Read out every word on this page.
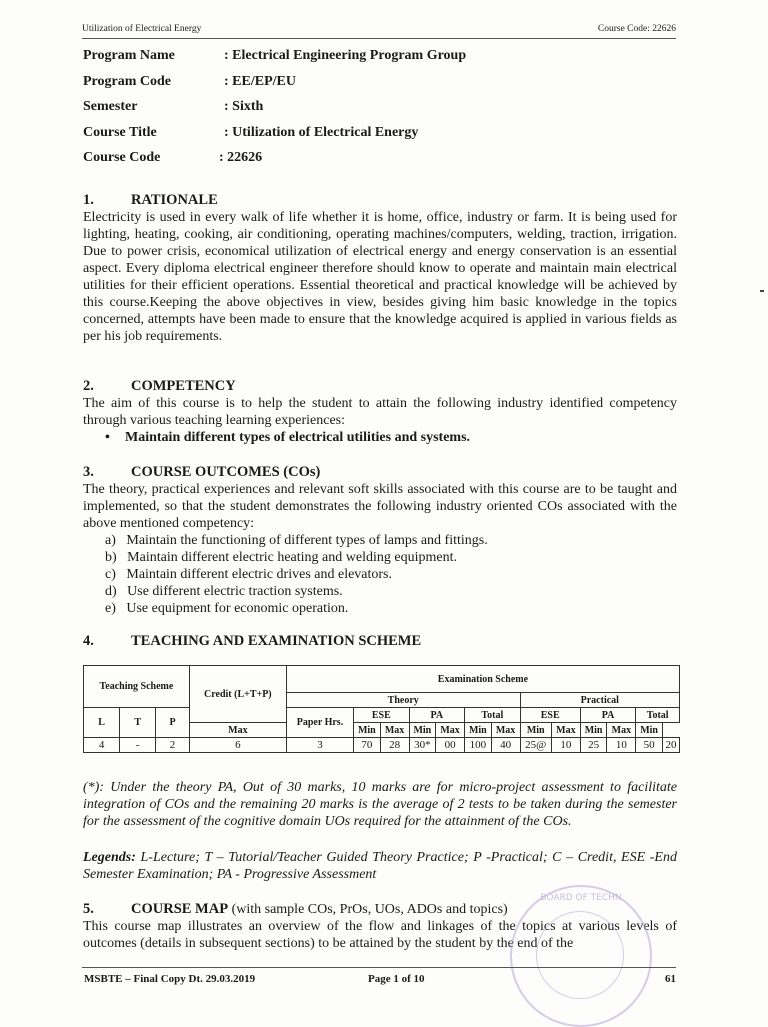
Utilization of Electrical Energy	Course Code: 22626
Program Name	: Electrical Engineering Program Group
Program Code	: EE/EP/EU
Semester	: Sixth
Course Title	: Utilization of Electrical Energy
Course Code	: 22626
1.	RATIONALE
Electricity is used in every walk of life whether it is home, office, industry or farm. It is being used for lighting, heating, cooking, air conditioning, operating machines/computers, welding, traction, irrigation. Due to power crisis, economical utilization of electrical energy and energy conservation is an essential aspect. Every diploma electrical engineer therefore should know to operate and maintain main electrical utilities for their efficient operations. Essential theoretical and practical knowledge will be achieved by this course.Keeping the above objectives in view, besides giving him basic knowledge in the topics concerned, attempts have been made to ensure that the knowledge acquired is applied in various fields as per his job requirements.
2.	COMPETENCY
The aim of this course is to help the student to attain the following industry identified competency through various teaching learning experiences:
• Maintain different types of electrical utilities and systems.
3.	COURSE OUTCOMES (COs)
The theory, practical experiences and relevant soft skills associated with this course are to be taught and implemented, so that the student demonstrates the following industry oriented COs associated with the above mentioned competency:
a)   Maintain the functioning of different types of lamps and fittings.
b)   Maintain different electric heating and welding equipment.
c)   Maintain different electric drives and elevators.
d)   Use different electric traction systems.
e)   Use equipment for economic operation.
4.	TEACHING AND EXAMINATION SCHEME
Teaching Scheme			Credit (L+T+P)	Examination Scheme												
				Theory							Practical					
L	T	P		Paper Hrs.	ESE		PA		Total		ESE		PA		Total	
			Max		Min	Max	Min	Max	Min	Max	Min	Max	Min	Max	Min	
4	-	2	6	3	70	28	30*	00	100	40	25@	10	25	10	50	20
(*): Under the theory PA, Out of 30 marks, 10 marks are for micro-project assessment to facilitate integration of COs and the remaining 20 marks is the average of 2 tests to be taken during the semester for the assessment of the cognitive domain UOs required for the attainment of the COs.
Legends: L-Lecture; T – Tutorial/Teacher Guided Theory Practice; P -Practical; C – Credit, ESE -End Semester Examination; PA - Progressive Assessment
5.	COURSE MAP (with sample COs, PrOs, UOs, ADOs and topics)
This course map illustrates an overview of the flow and linkages of the topics at various levels of outcomes (details in subsequent sections) to be attained by the student by the end of the
BOARD OF TECHN
MSBTE – Final Copy Dt. 29.03.2019	Page 1 of 10	61
